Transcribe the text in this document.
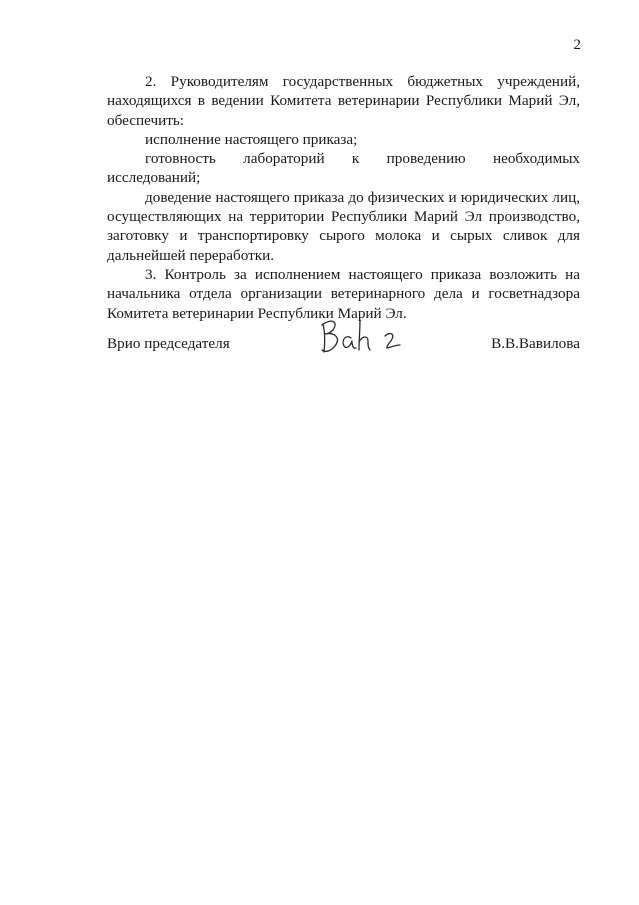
2

2. Руководителям государственных бюджетных учреждений, находящихся в ведении Комитета ветеринарии Республики Марий Эл, обеспечить:

исполнение настоящего приказа;

готовность лабораторий к проведению необходимых исследований;

доведение настоящего приказа до физических и юридических лиц, осуществляющих на территории Республики Марий Эл производство, заготовку и транспортировку сырого молока и сырых сливок для дальнейшей переработки.

3. Контроль за исполнением настоящего приказа возложить на начальника отдела организации ветеринарного дела и госветнадзора Комитета ветеринарии Республики Марий Эл.

Врио председателя	В.В.Вавилова
